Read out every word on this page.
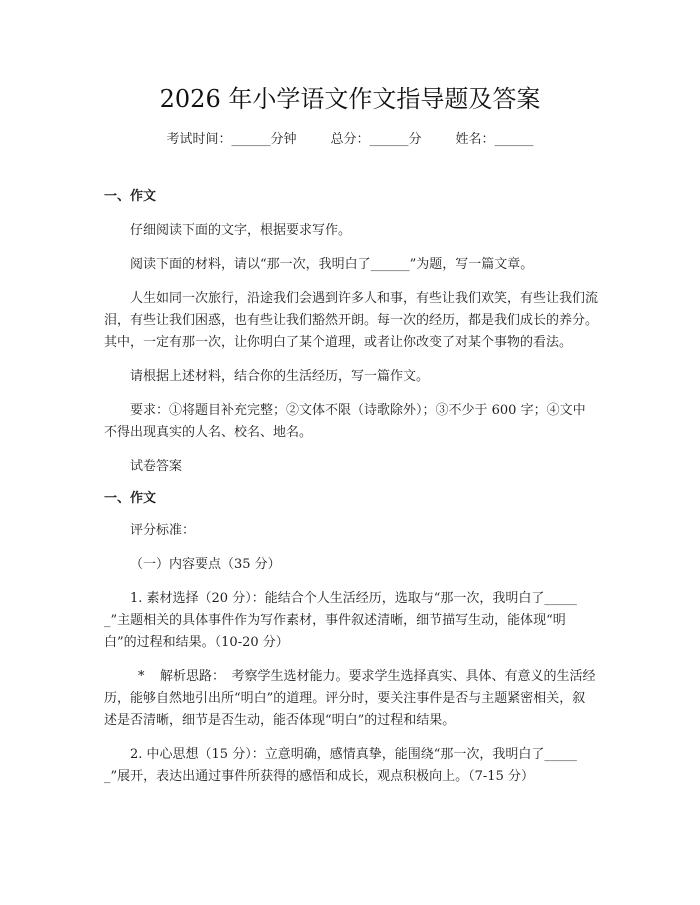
2026 年小学语文作文指导题及答案
考试时间：______分钟	总分：______分	姓名：______

一、作文

仔细阅读下面的文字，根据要求写作。

阅读下面的材料，请以“那一次，我明白了______”为题，写一篇文章。

人生如同一次旅行，沿途我们会遇到许多人和事，有些让我们欢笑，有些让我们流泪，有些让我们困惑，也有些让我们豁然开朗。每一次的经历，都是我们成长的养分。其中，一定有那一次，让你明白了某个道理，或者让你改变了对某个事物的看法。

请根据上述材料，结合你的生活经历，写一篇作文。

要求：①将题目补充完整；②文体不限（诗歌除外）；③不少于 600 字；④文中不得出现真实的人名、校名、地名。

试卷答案

一、作文

评分标准：

（一）内容要点（35 分）

1. 素材选择（20 分）：能结合个人生活经历，选取与“那一次，我明白了______”主题相关的具体事件作为写作素材，事件叙述清晰，细节描写生动，能体现“明白”的过程和结果。（10-20 分）

* 解析思路：　考察学生选材能力。要求学生选择真实、具体、有意义的生活经历，能够自然地引出所“明白”的道理。评分时，要关注事件是否与主题紧密相关，叙述是否清晰，细节是否生动，能否体现“明白”的过程和结果。

2. 中心思想（15 分）：立意明确，感情真挚，能围绕“那一次，我明白了______”展开，表达出通过事件所获得的感悟和成长，观点积极向上。（7-15 分）
